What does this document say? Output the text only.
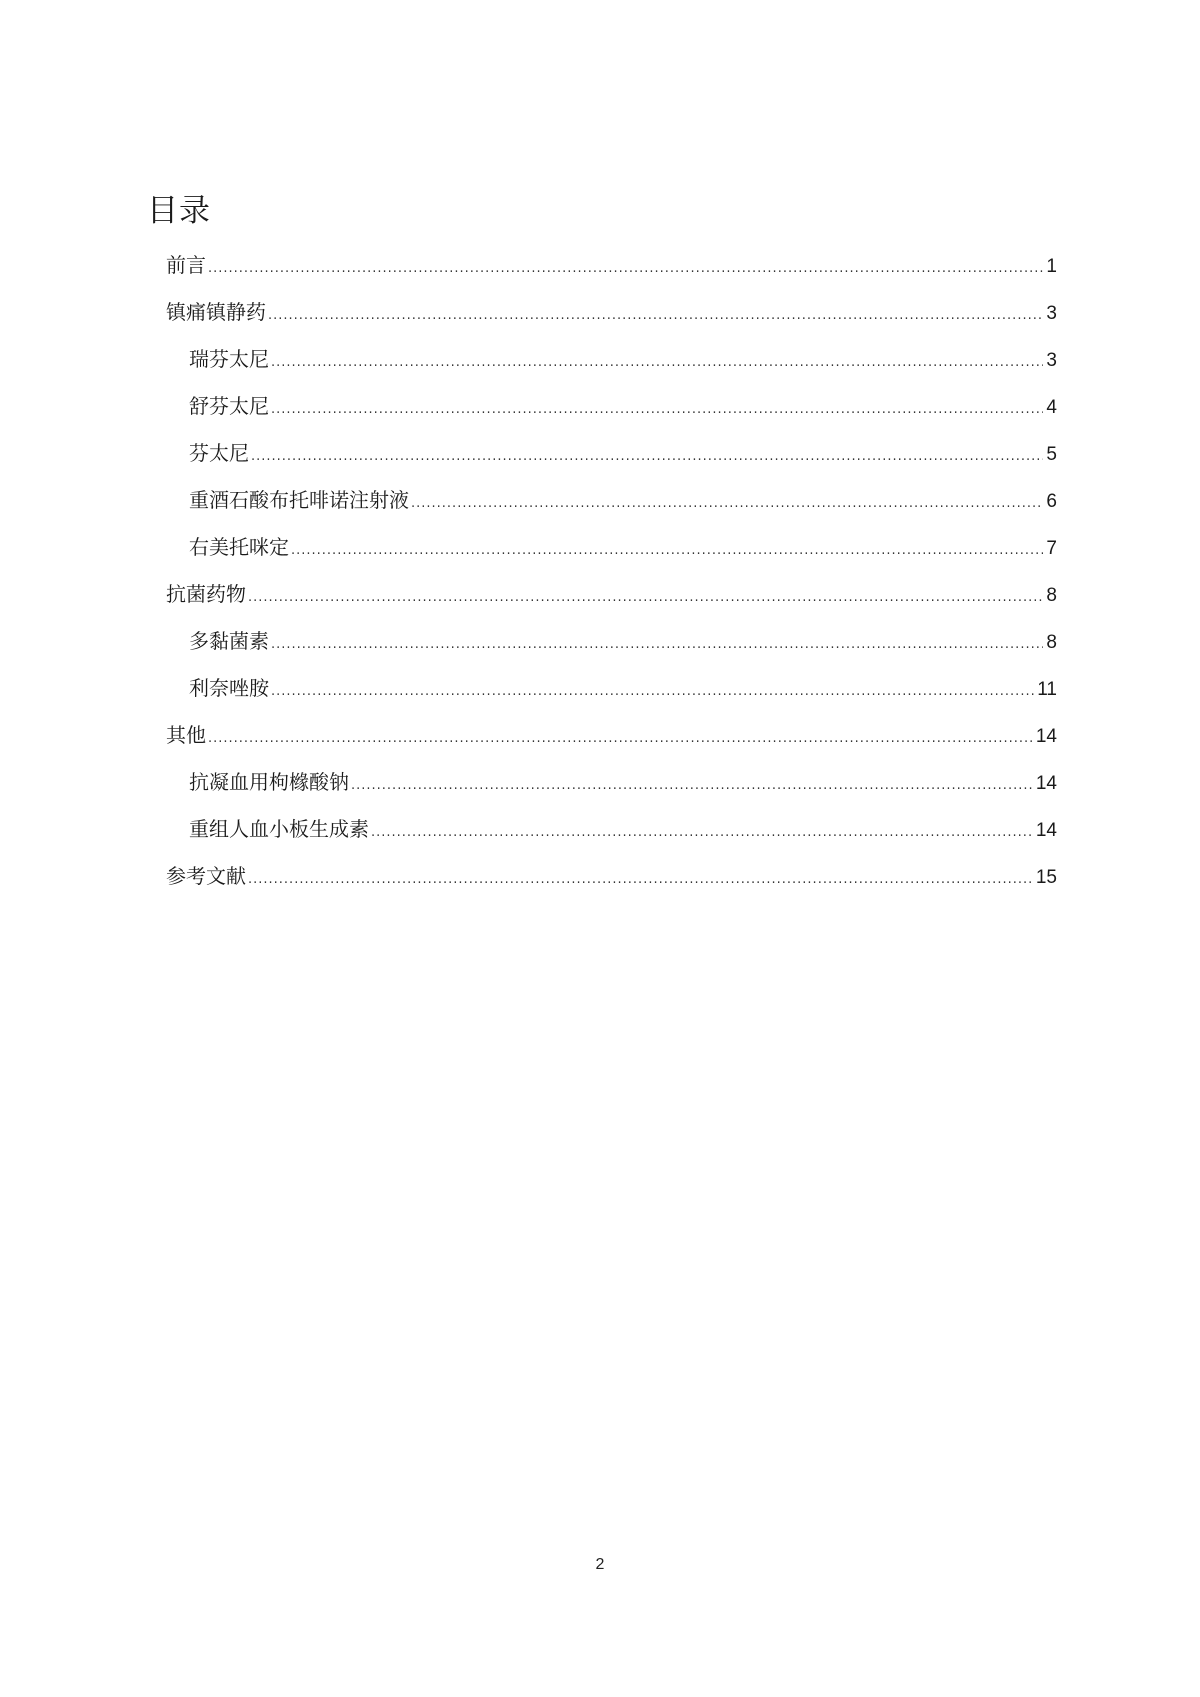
目录
前言 .....	1
镇痛镇静药 .....	3
瑞芬太尼 .....	3
舒芬太尼 .....	4
芬太尼 .....	5
重酒石酸布托啡诺注射液 .....	6
右美托咪定 .....	7
抗菌药物 .....	8
多黏菌素 .....	8
利奈唑胺 .....	11
其他 .....	14
抗凝血用枸橼酸钠 .....	14
重组人血小板生成素 .....	14
参考文献 .....	15
2
